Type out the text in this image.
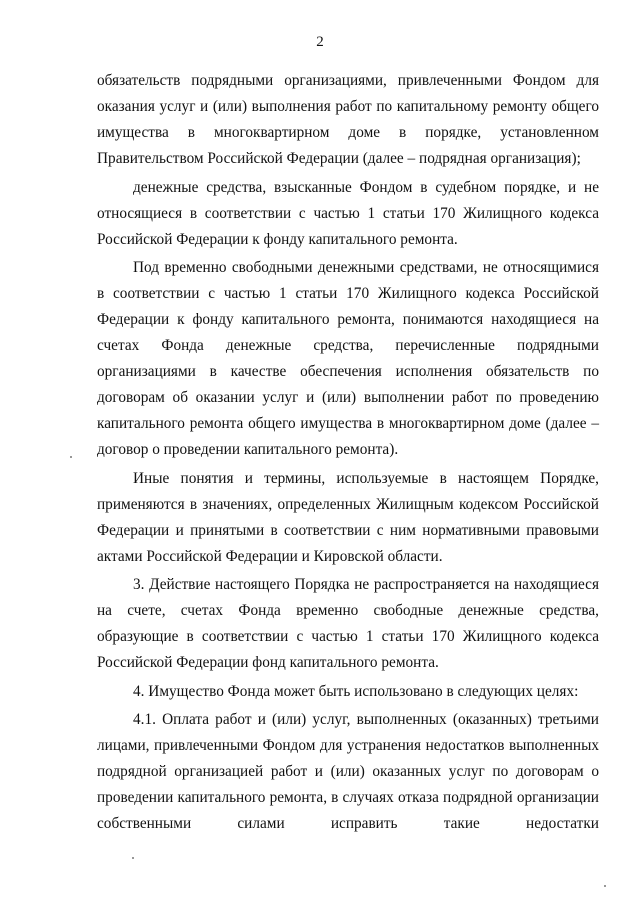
2

обязательств подрядными организациями, привлеченными Фондом для оказания услуг и (или) выполнения работ по капитальному ремонту общего имущества в многоквартирном доме в порядке, установленном Правительством Российской Федерации (далее – подрядная организация);

денежные средства, взысканные Фондом в судебном порядке, и не относящиеся в соответствии с частью 1 статьи 170 Жилищного кодекса Российской Федерации к фонду капитального ремонта.

Под временно свободными денежными средствами, не относящимися в соответствии с частью 1 статьи 170 Жилищного кодекса Российской Федерации к фонду капитального ремонта, понимаются находящиеся на счетах Фонда денежные средства, перечисленные подрядными организациями в качестве обеспечения исполнения обязательств по договорам об оказании услуг и (или) выполнении работ по проведению капитального ремонта общего имущества в многоквартирном доме (далее – договор о проведении капитального ремонта).

Иные понятия и термины, используемые в настоящем Порядке, применяются в значениях, определенных Жилищным кодексом Российской Федерации и принятыми в соответствии с ним нормативными правовыми актами Российской Федерации и Кировской области.

3. Действие настоящего Порядка не распространяется на находящиеся на счете, счетах Фонда временно свободные денежные средства, образующие в соответствии с частью 1 статьи 170 Жилищного кодекса Российской Федерации фонд капитального ремонта.

4. Имущество Фонда может быть использовано в следующих целях:

4.1. Оплата работ и (или) услуг, выполненных (оказанных) третьими лицами, привлеченными Фондом для устранения недостатков выполненных подрядной организацией работ и (или) оказанных услуг по договорам о проведении капитального ремонта, в случаях отказа подрядной организации собственными силами исправить такие недостатки
